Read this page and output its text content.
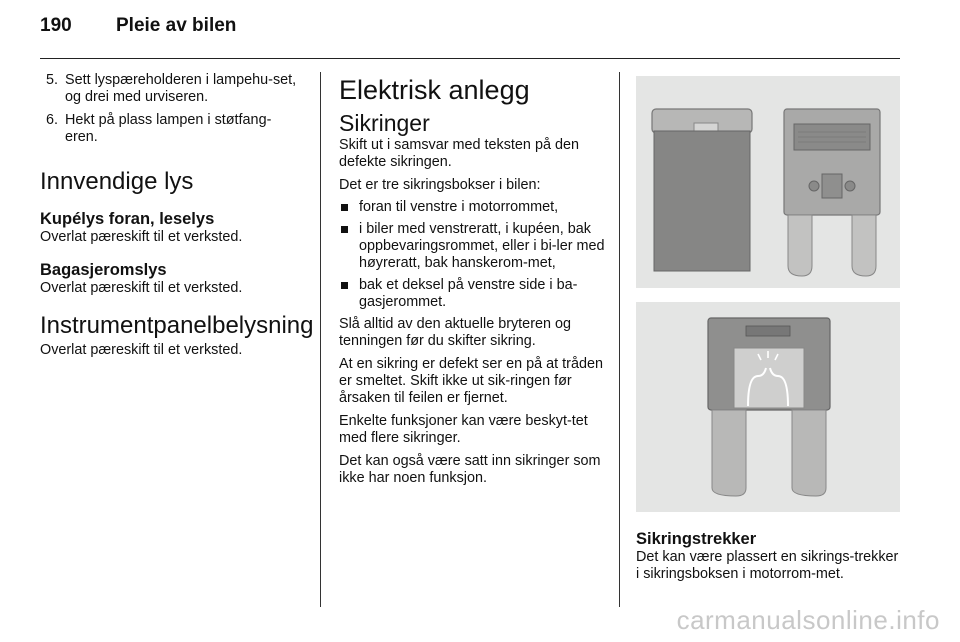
190 Pleie av bilen
5. Sett lyspæreholderen i lampehu-set, og drei med urviseren.
6. Hekt på plass lampen i støtfang-eren.
Innvendige lys
Kupélys foran, leselys

Overlat pæreskift til et verksted.

Bagasjeromslys

Overlat pæreskift til et verksted.

Instrumentpanelbelysning

Overlat pæreskift til et verksted.

Elektrisk anlegg
Sikringer

Skift ut i samsvar med teksten på den defekte sikringen.

Det er tre sikringsbokser i bilen:

foran til venstre i motorrommet,
i biler med venstreratt, i kupéen, bak oppbevaringsrommet, eller i bi-ler med høyreratt, bak hanskerom-met,
bak et deksel på venstre side i ba-gasjerommet.

Slå alltid av den aktuelle bryteren og tenningen før du skifter sikring.

At en sikring er defekt ser en på at tråden er smeltet. Skift ikke ut sik-ringen før årsaken til feilen er fjernet.

Enkelte funksjoner kan være beskyt-tet med flere sikringer.

Det kan også være satt inn sikringer som ikke har noen funksjon.

Sikringstrekker

Det kan være plassert en sikrings-trekker i sikringsboksen i motorrom-met.

carmanualsonline.info
